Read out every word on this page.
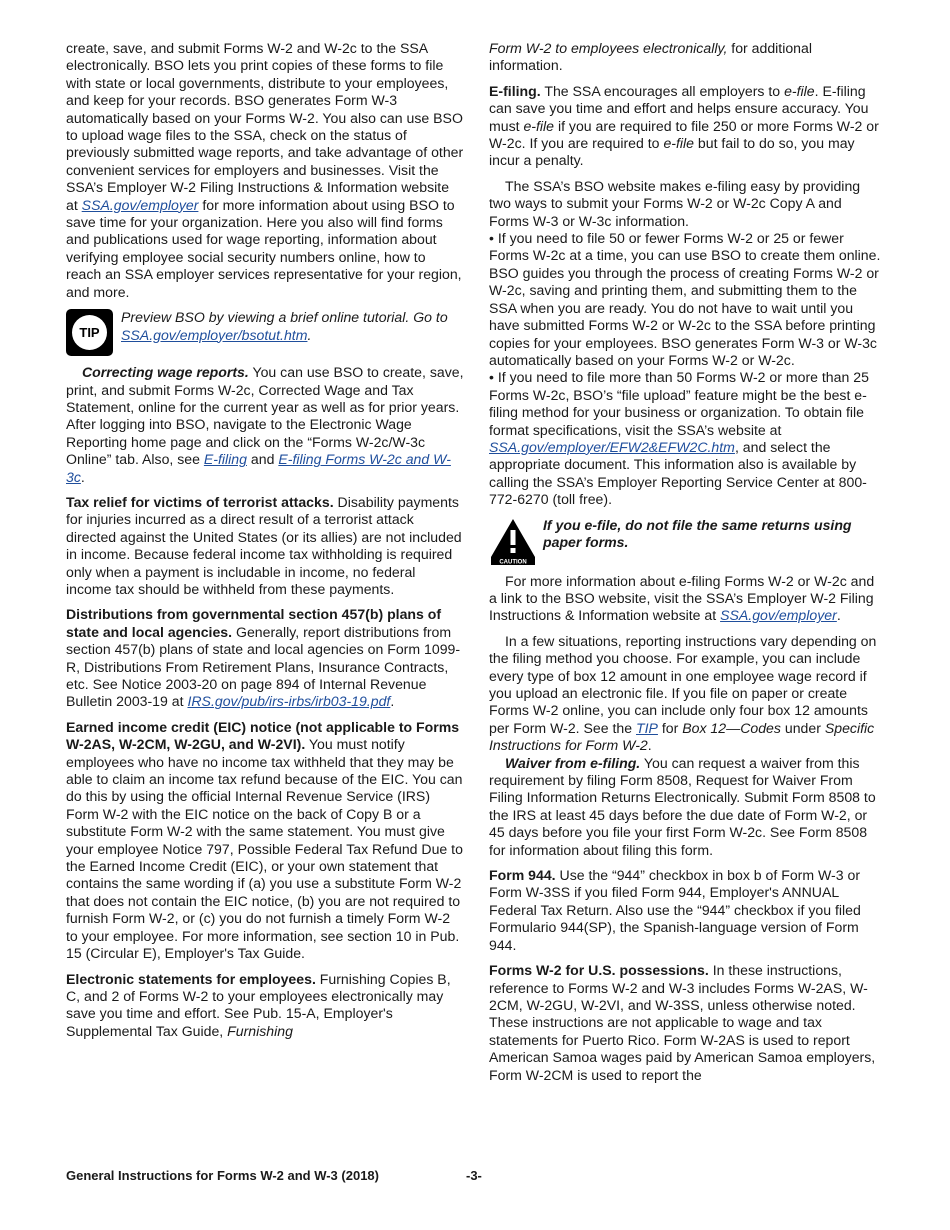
create, save, and submit Forms W-2 and W-2c to the SSA electronically. BSO lets you print copies of these forms to file with state or local governments, distribute to your employees, and keep for your records. BSO generates Form W-3 automatically based on your Forms W-2. You also can use BSO to upload wage files to the SSA, check on the status of previously submitted wage reports, and take advantage of other convenient services for employers and businesses. Visit the SSA’s Employer W-2 Filing Instructions & Information website at SSA.gov/employer for more information about using BSO to save time for your organization. Here you also will find forms and publications used for wage reporting, information about verifying employee social security numbers online, how to reach an SSA employer services representative for your region, and more.

TIP
Preview BSO by viewing a brief online tutorial. Go to SSA.gov/employer/bsotut.htm.

Correcting wage reports. You can use BSO to create, save, print, and submit Forms W-2c, Corrected Wage and Tax Statement, online for the current year as well as for prior years. After logging into BSO, navigate to the Electronic Wage Reporting home page and click on the “Forms W-2c/W-3c Online” tab. Also, see E-filing and E-filing Forms W-2c and W-3c.

Tax relief for victims of terrorist attacks. Disability payments for injuries incurred as a direct result of a terrorist attack directed against the United States (or its allies) are not included in income. Because federal income tax withholding is required only when a payment is includable in income, no federal income tax should be withheld from these payments.

Distributions from governmental section 457(b) plans of state and local agencies. Generally, report distributions from section 457(b) plans of state and local agencies on Form 1099-R, Distributions From Retirement Plans, Insurance Contracts, etc. See Notice 2003-20 on page 894 of Internal Revenue Bulletin 2003-19 at IRS.gov/pub/irs-irbs/irb03-19.pdf.

Earned income credit (EIC) notice (not applicable to Forms W-2AS, W-2CM, W-2GU, and W-2VI). You must notify employees who have no income tax withheld that they may be able to claim an income tax refund because of the EIC. You can do this by using the official Internal Revenue Service (IRS) Form W-2 with the EIC notice on the back of Copy B or a substitute Form W-2 with the same statement. You must give your employee Notice 797, Possible Federal Tax Refund Due to the Earned Income Credit (EIC), or your own statement that contains the same wording if (a) you use a substitute Form W-2 that does not contain the EIC notice, (b) you are not required to furnish Form W-2, or (c) you do not furnish a timely Form W-2 to your employee. For more information, see section 10 in Pub. 15 (Circular E), Employer's Tax Guide.

Electronic statements for employees. Furnishing Copies B, C, and 2 of Forms W-2 to your employees electronically may save you time and effort. See Pub. 15-A, Employer's Supplemental Tax Guide, Furnishing

Form W-2 to employees electronically, for additional information.

E-filing. The SSA encourages all employers to e-file. E-filing can save you time and effort and helps ensure accuracy. You must e-file if you are required to file 250 or more Forms W-2 or W-2c. If you are required to e-file but fail to do so, you may incur a penalty.

The SSA’s BSO website makes e-filing easy by providing two ways to submit your Forms W-2 or W-2c Copy A and Forms W-3 or W-3c information.

• If you need to file 50 or fewer Forms W-2 or 25 or fewer Forms W-2c at a time, you can use BSO to create them online. BSO guides you through the process of creating Forms W-2 or W-2c, saving and printing them, and submitting them to the SSA when you are ready. You do not have to wait until you have submitted Forms W-2 or W-2c to the SSA before printing copies for your employees. BSO generates Form W-3 or W-3c automatically based on your Forms W-2 or W-2c.

• If you need to file more than 50 Forms W-2 or more than 25 Forms W-2c, BSO’s “file upload” feature might be the best e-filing method for your business or organization. To obtain file format specifications, visit the SSA’s website at SSA.gov/employer/EFW2&EFW2C.htm, and select the appropriate document. This information also is available by calling the SSA’s Employer Reporting Service Center at 800-772-6270 (toll free).

CAUTION
If you e-file, do not file the same returns using paper forms.

For more information about e-filing Forms W-2 or W-2c and a link to the BSO website, visit the SSA’s Employer W-2 Filing Instructions & Information website at SSA.gov/employer.

In a few situations, reporting instructions vary depending on the filing method you choose. For example, you can include every type of box 12 amount in one employee wage record if you upload an electronic file. If you file on paper or create Forms W-2 online, you can include only four box 12 amounts per Form W-2. See the TIP for Box 12—Codes under Specific Instructions for Form W-2.

Waiver from e-filing. You can request a waiver from this requirement by filing Form 8508, Request for Waiver From Filing Information Returns Electronically. Submit Form 8508 to the IRS at least 45 days before the due date of Form W-2, or 45 days before you file your first Form W-2c. See Form 8508 for information about filing this form.

Form 944. Use the “944” checkbox in box b of Form W-3 or Form W-3SS if you filed Form 944, Employer's ANNUAL Federal Tax Return. Also use the “944” checkbox if you filed Formulario 944(SP), the Spanish-language version of Form 944.

Forms W-2 for U.S. possessions. In these instructions, reference to Forms W-2 and W-3 includes Forms W-2AS, W-2CM, W-2GU, W-2VI, and W-3SS, unless otherwise noted. These instructions are not applicable to wage and tax statements for Puerto Rico. Form W-2AS is used to report American Samoa wages paid by American Samoa employers, Form W-2CM is used to report the

General Instructions for Forms W-2 and W-3 (2018)	-3-
